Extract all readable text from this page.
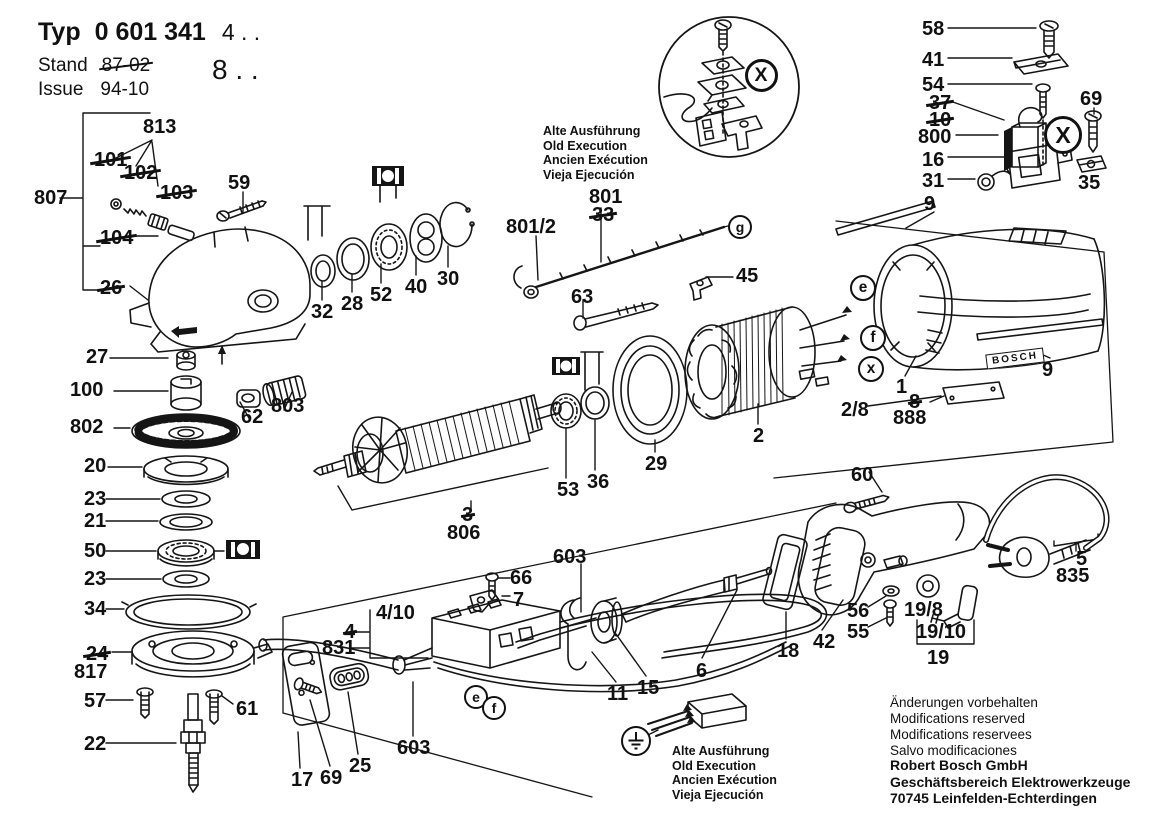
Typ 0 601 341 4 . .
Stand 87-02	8 . .
Issue 94-10
Alte Ausführung
Old Execution
Ancien Exécution
Vieja Ejecución
Alte Ausführung
Old Execution
Ancien Exécution
Vieja Ejecución
Änderungen vorbehalten
Modifications reserved
Modifications reservees
Salvo modificaciones
Robert Bosch GmbH
Geschäftsbereich Elektrowerkzeuge
70745 Leinfelden-Echterdingen
BOSCH
813
101
102
103
807
104
26
59
27
100
802	62 803
20
23
21
50
23
34
24
817
57
22
61
17 69
25
32 28 52 40 30
801
33
801/2
63
45
2
29
53 36
3
806
58
41
54
37
10
800
16
31
9
69
35
9
1
2/8 8
888
60
18 42
56
55
19/8
19/10
19
5
835
66
7
4/10
4
831
603
11 15
6
603
g
e
f
x
X
X
e
f
